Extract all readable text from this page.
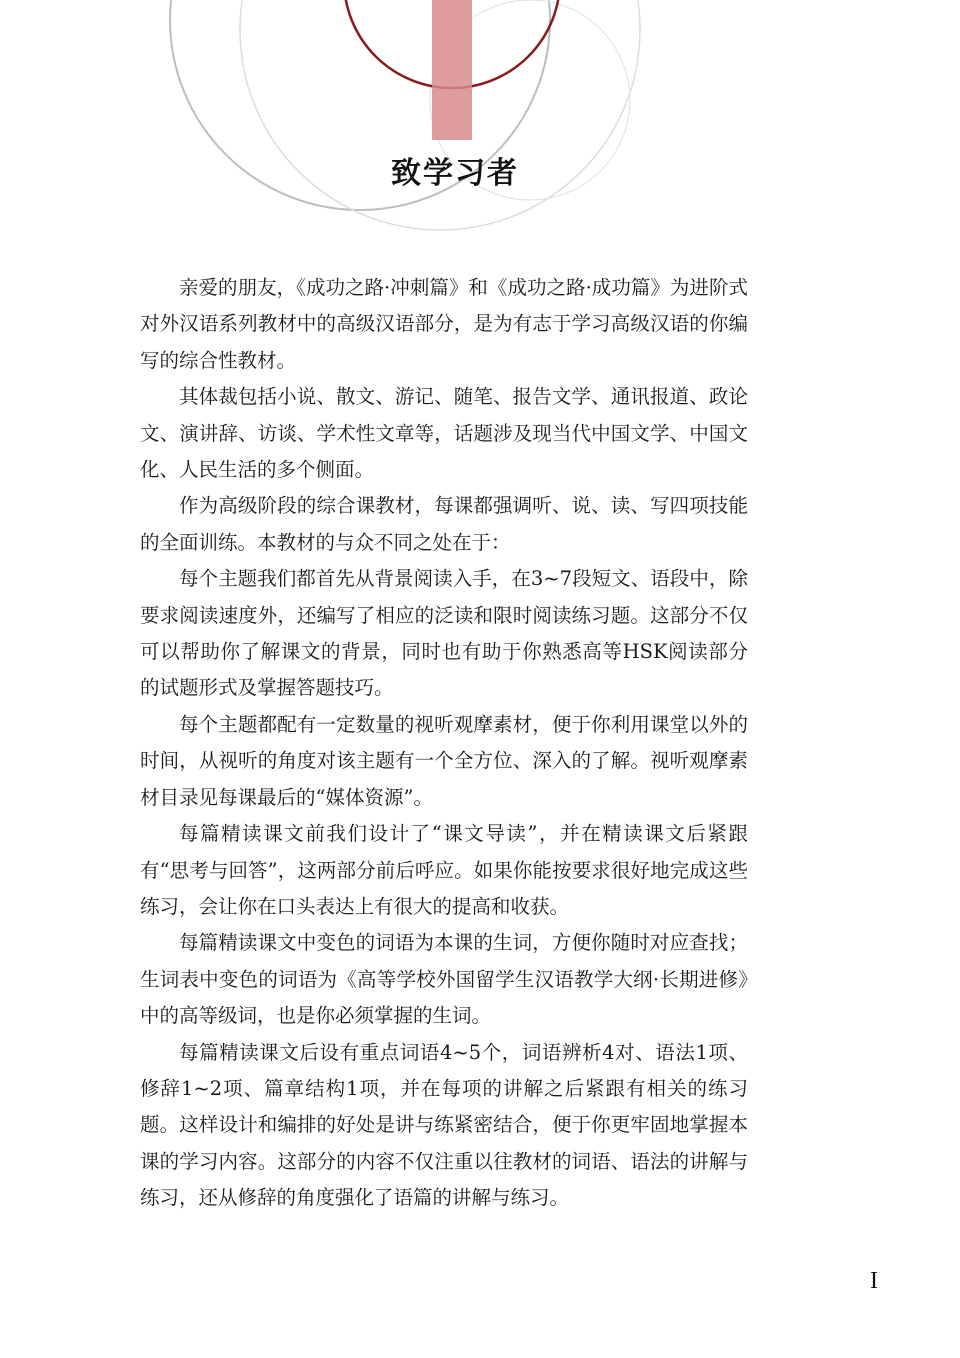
致学习者

亲爱的朋友，《成功之路·冲刺篇》和《成功之路·成功篇》为进阶式对外汉语系列教材中的高级汉语部分，是为有志于学习高级汉语的你编写的综合性教材。

其体裁包括小说、散文、游记、随笔、报告文学、通讯报道、政论文、演讲辞、访谈、学术性文章等，话题涉及现当代中国文学、中国文化、人民生活的多个侧面。

作为高级阶段的综合课教材，每课都强调听、说、读、写四项技能的全面训练。本教材的与众不同之处在于：

每个主题我们都首先从背景阅读入手，在3~7段短文、语段中，除要求阅读速度外，还编写了相应的泛读和限时阅读练习题。这部分不仅可以帮助你了解课文的背景，同时也有助于你熟悉高等HSK阅读部分的试题形式及掌握答题技巧。

每个主题都配有一定数量的视听观摩素材，便于你利用课堂以外的时间，从视听的角度对该主题有一个全方位、深入的了解。视听观摩素材目录见每课最后的“媒体资源”。

每篇精读课文前我们设计了“课文导读”，并在精读课文后紧跟有“思考与回答”，这两部分前后呼应。如果你能按要求很好地完成这些练习，会让你在口头表达上有很大的提高和收获。

每篇精读课文中变色的词语为本课的生词，方便你随时对应查找；生词表中变色的词语为《高等学校外国留学生汉语教学大纲·长期进修》中的高等级词，也是你必须掌握的生词。

每篇精读课文后设有重点词语4~5个，词语辨析4对、语法1项、修辞1~2项、篇章结构1项，并在每项的讲解之后紧跟有相关的练习题。这样设计和编排的好处是讲与练紧密结合，便于你更牢固地掌握本课的学习内容。这部分的内容不仅注重以往教材的词语、语法的讲解与练习，还从修辞的角度强化了语篇的讲解与练习。

I
